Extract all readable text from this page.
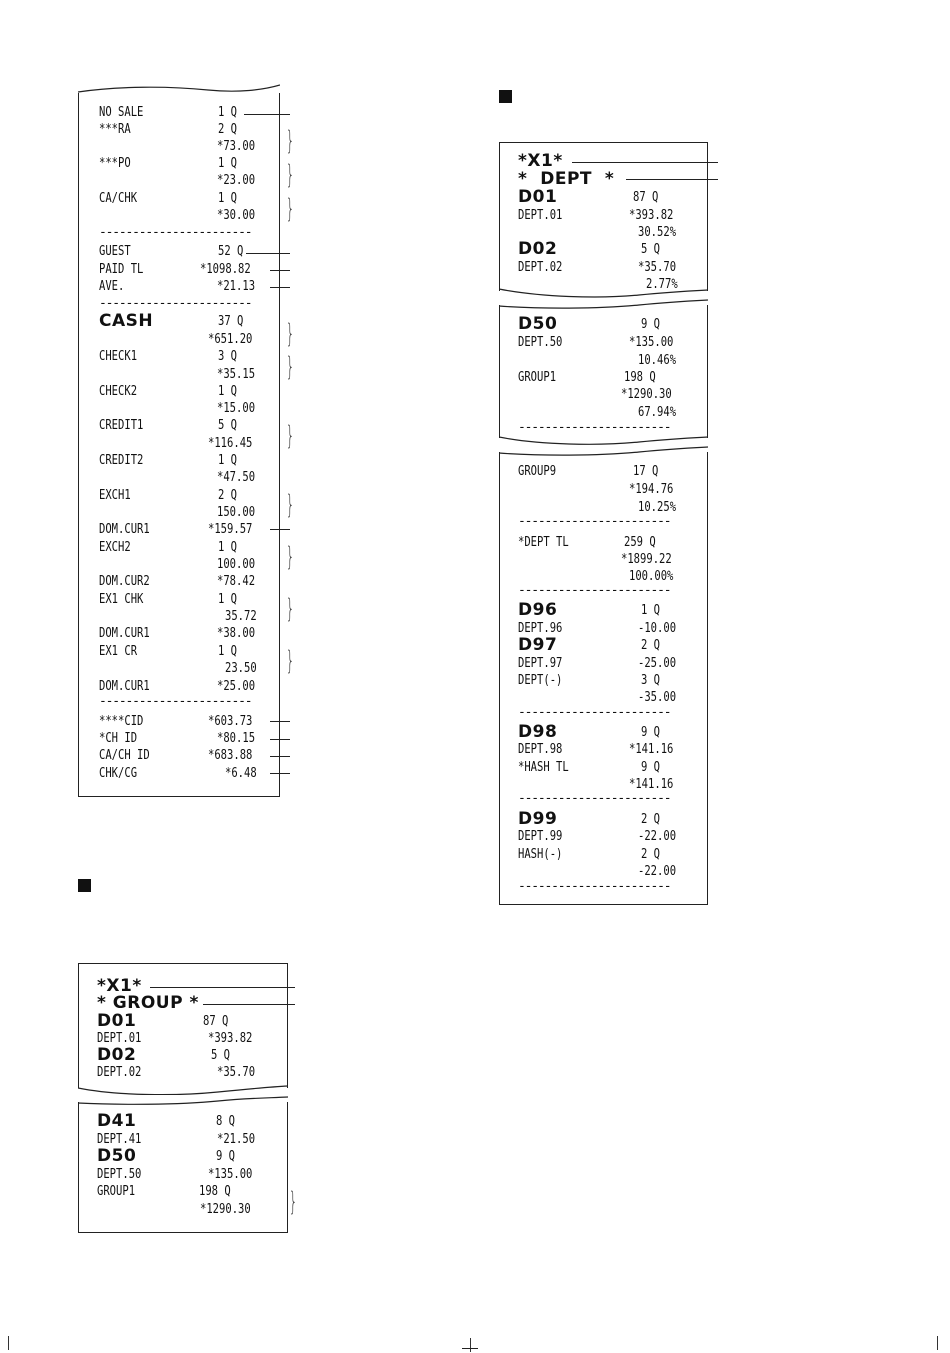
NO SALE	1 Q
***RA	2 Q
*73.00
***PO	1 Q
*23.00
CA/CHK	1 Q
*30.00
GUEST	52 Q
PAID TL	*1098.82
AVE.	*21.13
CASH	37 Q
*651.20
CHECK1	3 Q
*35.15
CHECK2	1 Q
*15.00
CREDIT1	5 Q
*116.45
CREDIT2	1 Q
*47.50
EXCH1	2 Q
150.00
DOM.CUR1	*159.57
EXCH2	1 Q
100.00
DOM.CUR2	*78.42
EX1 CHK	1 Q
35.72
DOM.CUR1	*38.00
EX1 CR	1 Q
23.50
DOM.CUR1	*25.00
****CID	*603.73
*CH ID	*80.15
CA/CH ID	*683.88
CHK/CG	*6.48
-----------------------
-----------------------
-----------------------
}
}
}
}
}
}
}
}
}
}
*X1*
* GROUP *
D01	87 Q
DEPT.01	*393.82
D02	5 Q
DEPT.02	*35.70
D41	8 Q
DEPT.41	*21.50
D50	9 Q
DEPT.50	*135.00
GROUP1	198 Q
*1290.30 }
*X1*
*  DEPT  *
D01	87 Q
DEPT.01	*393.82
30.52%
D02	5 Q
DEPT.02	*35.70
2.77%
D50	9 Q
DEPT.50	*135.00
10.46%
GROUP1	198 Q
*1290.30
67.94%
-----------------------
GROUP9	17 Q
*194.76
10.25%
*DEPT TL	259 Q
*1899.22
100.00%
D96	1 Q
DEPT.96	-10.00
D97	2 Q
DEPT.97	-25.00
DEPT(-)	3 Q
-35.00
D98	9 Q
DEPT.98	*141.16
*HASH TL	9 Q
*141.16
D99	2 Q
DEPT.99	-22.00
HASH(-)	2 Q
-22.00
-----------------------
-----------------------
-----------------------
-----------------------
-----------------------
